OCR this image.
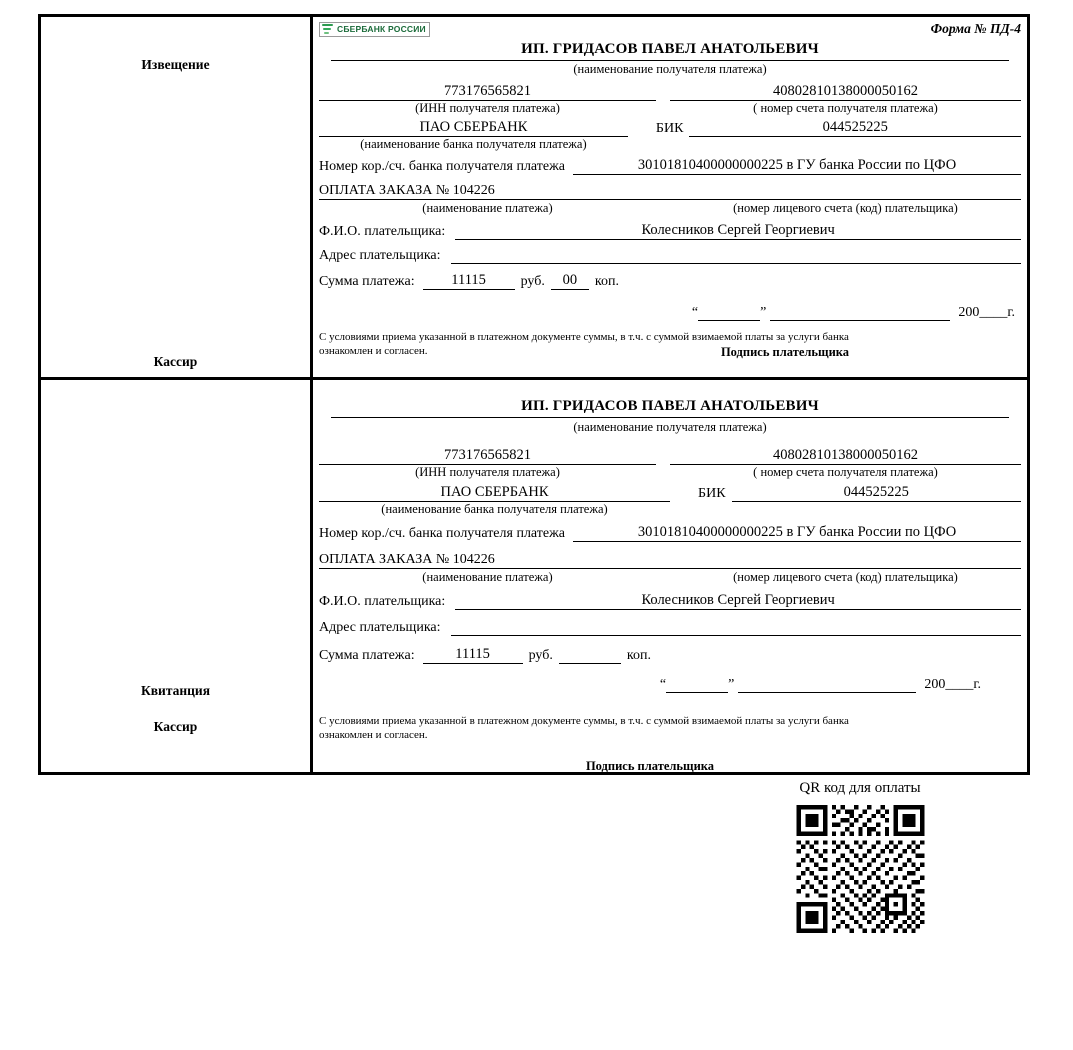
Извещение
Кассир
СБЕРБАНК РОССИИ	Форма № ПД-4
ИП. ГРИДАСОВ ПАВЕЛ АНАТОЛЬЕВИЧ
(наименование получателя платежа)
773176565821
(ИНН получателя платежа)
40802810138000050162
( номер счета получателя платежа)
ПАО СБЕРБАНК	БИК	044525225
(наименование банка получателя платежа)
Номер кор./сч. банка получателя платежа	30101810400000000225 в ГУ банка России по ЦФО
ОПЛАТА ЗАКАЗА № 104226
(наименование платежа)	(номер лицевого счета (код) плательщика)
Ф.И.О. плательщика:	Колесников Сергей Георгиевич
Адрес плательщика:
Сумма платежа:	11115	руб.	00	коп.
“
	”
	200____г.
С условиями приема указанной в платежном документе суммы, в т.ч. с суммой взимаемой платы за услуги банка
ознакомлен и согласен.	Подпись плательщика
Квитанция
Кассир
ИП. ГРИДАСОВ ПАВЕЛ АНАТОЛЬЕВИЧ
(наименование получателя платежа)
773176565821
(ИНН получателя платежа)
40802810138000050162
( номер счета получателя платежа)
ПАО СБЕРБАНК	БИК	044525225
(наименование банка получателя платежа)
Номер кор./сч. банка получателя платежа	30101810400000000225 в ГУ банка России по ЦФО
ОПЛАТА ЗАКАЗА № 104226
(наименование платежа)	(номер лицевого счета (код) плательщика)
Ф.И.О. плательщика:	Колесников Сергей Георгиевич
Адрес плательщика:
Сумма платежа:	11115	руб.	коп.
“
	”
	200____г.
С условиями приема указанной в платежном документе суммы, в т.ч. с суммой взимаемой платы за услуги банка
ознакомлен и согласен.
Подпись плательщика
QR код для оплаты
